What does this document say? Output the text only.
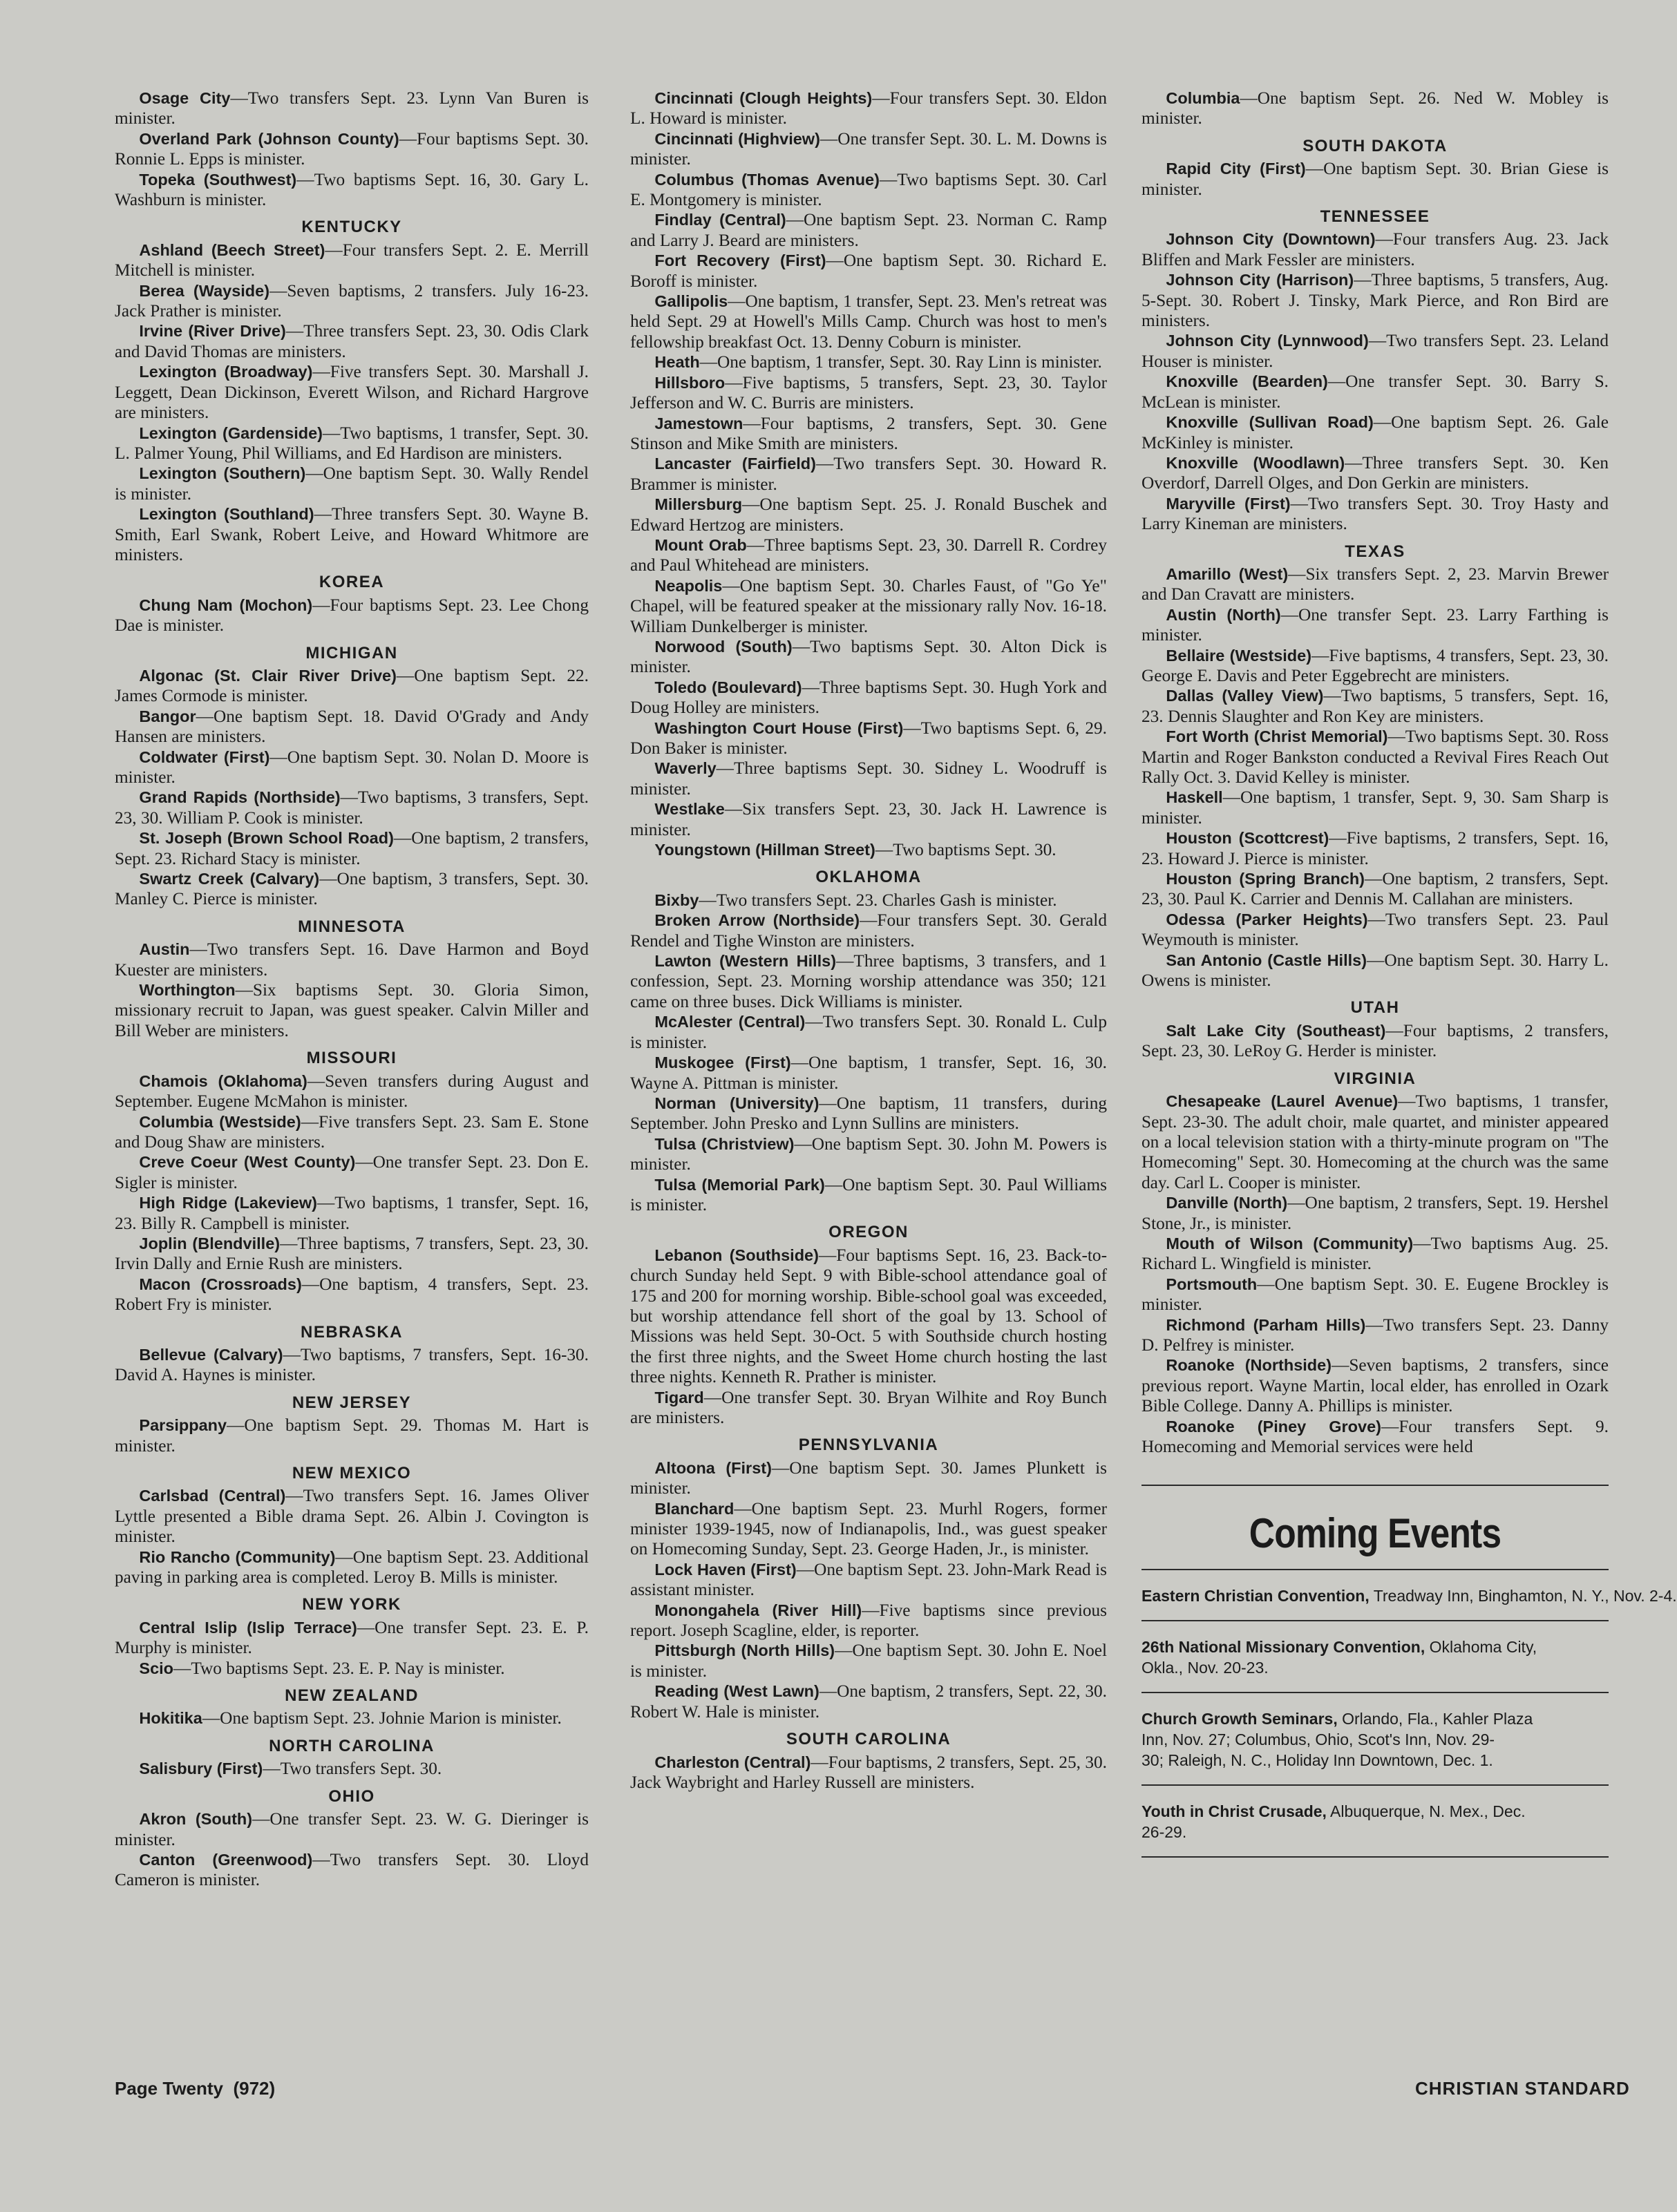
Osage City—Two transfers Sept. 23. Lynn Van Buren is minister.

Overland Park (Johnson County)—Four baptisms Sept. 30. Ronnie L. Epps is minister.

Topeka (Southwest)—Two baptisms Sept. 16, 30. Gary L. Washburn is minister.

KENTUCKY

Ashland (Beech Street)—Four transfers Sept. 2. E. Merrill Mitchell is minister.

Berea (Wayside)—Seven baptisms, 2 transfers. July 16-23. Jack Prather is minister.

Irvine (River Drive)—Three transfers Sept. 23, 30. Odis Clark and David Thomas are ministers.

Lexington (Broadway)—Five transfers Sept. 30. Marshall J. Leggett, Dean Dickinson, Everett Wilson, and Richard Hargrove are ministers.

Lexington (Gardenside)—Two baptisms, 1 transfer, Sept. 30. L. Palmer Young, Phil Williams, and Ed Hardison are ministers.

Lexington (Southern)—One baptism Sept. 30. Wally Rendel is minister.

Lexington (Southland)—Three transfers Sept. 30. Wayne B. Smith, Earl Swank, Robert Leive, and Howard Whitmore are ministers.

KOREA

Chung Nam (Mochon)—Four baptisms Sept. 23. Lee Chong Dae is minister.

MICHIGAN

Algonac (St. Clair River Drive)—One baptism Sept. 22. James Cormode is minister.

Bangor—One baptism Sept. 18. David O'Grady and Andy Hansen are ministers.

Coldwater (First)—One baptism Sept. 30. Nolan D. Moore is minister.

Grand Rapids (Northside)—Two baptisms, 3 transfers, Sept. 23, 30. William P. Cook is minister.

St. Joseph (Brown School Road)—One baptism, 2 transfers, Sept. 23. Richard Stacy is minister.

Swartz Creek (Calvary)—One baptism, 3 transfers, Sept. 30. Manley C. Pierce is minister.

MINNESOTA

Austin—Two transfers Sept. 16. Dave Harmon and Boyd Kuester are ministers.

Worthington—Six baptisms Sept. 30. Gloria Simon, missionary recruit to Japan, was guest speaker. Calvin Miller and Bill Weber are ministers.

MISSOURI

Chamois (Oklahoma)—Seven transfers during August and September. Eugene McMahon is minister.

Columbia (Westside)—Five transfers Sept. 23. Sam E. Stone and Doug Shaw are ministers.

Creve Coeur (West County)—One transfer Sept. 23. Don E. Sigler is minister.

High Ridge (Lakeview)—Two baptisms, 1 transfer, Sept. 16, 23. Billy R. Campbell is minister.

Joplin (Blendville)—Three baptisms, 7 transfers, Sept. 23, 30. Irvin Dally and Ernie Rush are ministers.

Macon (Crossroads)—One baptism, 4 transfers, Sept. 23. Robert Fry is minister.

NEBRASKA

Bellevue (Calvary)—Two baptisms, 7 transfers, Sept. 16-30. David A. Haynes is minister.

NEW JERSEY

Parsippany—One baptism Sept. 29. Thomas M. Hart is minister.

NEW MEXICO

Carlsbad (Central)—Two transfers Sept. 16. James Oliver Lyttle presented a Bible drama Sept. 26. Albin J. Covington is minister.

Rio Rancho (Community)—One baptism Sept. 23. Additional paving in parking area is completed. Leroy B. Mills is minister.

NEW YORK

Central Islip (Islip Terrace)—One transfer Sept. 23. E. P. Murphy is minister.

Scio—Two baptisms Sept. 23. E. P. Nay is minister.

NEW ZEALAND

Hokitika—One baptism Sept. 23. Johnie Marion is minister.

NORTH CAROLINA

Salisbury (First)—Two transfers Sept. 30.

OHIO

Akron (South)—One transfer Sept. 23. W. G. Dieringer is minister.

Canton (Greenwood)—Two transfers Sept. 30. Lloyd Cameron is minister.

Cincinnati (Clough Heights)—Four transfers Sept. 30. Eldon L. Howard is minister.

Cincinnati (Highview)—One transfer Sept. 30. L. M. Downs is minister.

Columbus (Thomas Avenue)—Two baptisms Sept. 30. Carl E. Montgomery is minister.

Findlay (Central)—One baptism Sept. 23. Norman C. Ramp and Larry J. Beard are ministers.

Fort Recovery (First)—One baptism Sept. 30. Richard E. Boroff is minister.

Gallipolis—One baptism, 1 transfer, Sept. 23. Men's retreat was held Sept. 29 at Howell's Mills Camp. Church was host to men's fellowship breakfast Oct. 13. Denny Coburn is minister.

Heath—One baptism, 1 transfer, Sept. 30. Ray Linn is minister.

Hillsboro—Five baptisms, 5 transfers, Sept. 23, 30. Taylor Jefferson and W. C. Burris are ministers.

Jamestown—Four baptisms, 2 transfers, Sept. 30. Gene Stinson and Mike Smith are ministers.

Lancaster (Fairfield)—Two transfers Sept. 30. Howard R. Brammer is minister.

Millersburg—One baptism Sept. 25. J. Ronald Buschek and Edward Hertzog are ministers.

Mount Orab—Three baptisms Sept. 23, 30. Darrell R. Cordrey and Paul Whitehead are ministers.

Neapolis—One baptism Sept. 30. Charles Faust, of "Go Ye" Chapel, will be featured speaker at the missionary rally Nov. 16-18. William Dunkelberger is minister.

Norwood (South)—Two baptisms Sept. 30. Alton Dick is minister.

Toledo (Boulevard)—Three baptisms Sept. 30. Hugh York and Doug Holley are ministers.

Washington Court House (First)—Two baptisms Sept. 6, 29. Don Baker is minister.

Waverly—Three baptisms Sept. 30. Sidney L. Woodruff is minister.

Westlake—Six transfers Sept. 23, 30. Jack H. Lawrence is minister.

Youngstown (Hillman Street)—Two baptisms Sept. 30.

OKLAHOMA

Bixby—Two transfers Sept. 23. Charles Gash is minister.

Broken Arrow (Northside)—Four transfers Sept. 30. Gerald Rendel and Tighe Winston are ministers.

Lawton (Western Hills)—Three baptisms, 3 transfers, and 1 confession, Sept. 23. Morning worship attendance was 350; 121 came on three buses. Dick Williams is minister.

McAlester (Central)—Two transfers Sept. 30. Ronald L. Culp is minister.

Muskogee (First)—One baptism, 1 transfer, Sept. 16, 30. Wayne A. Pittman is minister.

Norman (University)—One baptism, 11 transfers, during September. John Presko and Lynn Sullins are ministers.

Tulsa (Christview)—One baptism Sept. 30. John M. Powers is minister.

Tulsa (Memorial Park)—One baptism Sept. 30. Paul Williams is minister.

OREGON

Lebanon (Southside)—Four baptisms Sept. 16, 23. Back-to-church Sunday held Sept. 9 with Bible-school attendance goal of 175 and 200 for morning worship. Bible-school goal was exceeded, but worship attendance fell short of the goal by 13. School of Missions was held Sept. 30-Oct. 5 with Southside church hosting the first three nights, and the Sweet Home church hosting the last three nights. Kenneth R. Prather is minister.

Tigard—One transfer Sept. 30. Bryan Wilhite and Roy Bunch are ministers.

PENNSYLVANIA

Altoona (First)—One baptism Sept. 30. James Plunkett is minister.

Blanchard—One baptism Sept. 23. Murhl Rogers, former minister 1939-1945, now of Indianapolis, Ind., was guest speaker on Homecoming Sunday, Sept. 23. George Haden, Jr., is minister.

Lock Haven (First)—One baptism Sept. 23. John-Mark Read is assistant minister.

Monongahela (River Hill)—Five baptisms since previous report. Joseph Scagline, elder, is reporter.

Pittsburgh (North Hills)—One baptism Sept. 30. John E. Noel is minister.

Reading (West Lawn)—One baptism, 2 transfers, Sept. 22, 30. Robert W. Hale is minister.

SOUTH CAROLINA

Charleston (Central)—Four baptisms, 2 transfers, Sept. 25, 30. Jack Waybright and Harley Russell are ministers.

Columbia—One baptism Sept. 26. Ned W. Mobley is minister.

SOUTH DAKOTA

Rapid City (First)—One baptism Sept. 30. Brian Giese is minister.

TENNESSEE

Johnson City (Downtown)—Four transfers Aug. 23. Jack Bliffen and Mark Fessler are ministers.

Johnson City (Harrison)—Three baptisms, 5 transfers, Aug. 5-Sept. 30. Robert J. Tinsky, Mark Pierce, and Ron Bird are ministers.

Johnson City (Lynnwood)—Two transfers Sept. 23. Leland Houser is minister.

Knoxville (Bearden)—One transfer Sept. 30. Barry S. McLean is minister.

Knoxville (Sullivan Road)—One baptism Sept. 26. Gale McKinley is minister.

Knoxville (Woodlawn)—Three transfers Sept. 30. Ken Overdorf, Darrell Olges, and Don Gerkin are ministers.

Maryville (First)—Two transfers Sept. 30. Troy Hasty and Larry Kineman are ministers.

TEXAS

Amarillo (West)—Six transfers Sept. 2, 23. Marvin Brewer and Dan Cravatt are ministers.

Austin (North)—One transfer Sept. 23. Larry Farthing is minister.

Bellaire (Westside)—Five baptisms, 4 transfers, Sept. 23, 30. George E. Davis and Peter Eggebrecht are ministers.

Dallas (Valley View)—Two baptisms, 5 transfers, Sept. 16, 23. Dennis Slaughter and Ron Key are ministers.

Fort Worth (Christ Memorial)—Two baptisms Sept. 30. Ross Martin and Roger Bankston conducted a Revival Fires Reach Out Rally Oct. 3. David Kelley is minister.

Haskell—One baptism, 1 transfer, Sept. 9, 30. Sam Sharp is minister.

Houston (Scottcrest)—Five baptisms, 2 transfers, Sept. 16, 23. Howard J. Pierce is minister.

Houston (Spring Branch)—One baptism, 2 transfers, Sept. 23, 30. Paul K. Carrier and Dennis M. Callahan are ministers.

Odessa (Parker Heights)—Two transfers Sept. 23. Paul Weymouth is minister.

San Antonio (Castle Hills)—One baptism Sept. 30. Harry L. Owens is minister.

UTAH

Salt Lake City (Southeast)—Four baptisms, 2 transfers, Sept. 23, 30. LeRoy G. Herder is minister.

VIRGINIA

Chesapeake (Laurel Avenue)—Two baptisms, 1 transfer, Sept. 23-30. The adult choir, male quartet, and minister appeared on a local television station with a thirty-minute program on "The Homecoming" Sept. 30. Homecoming at the church was the same day. Carl L. Cooper is minister.

Danville (North)—One baptism, 2 transfers, Sept. 19. Hershel Stone, Jr., is minister.

Mouth of Wilson (Community)—Two baptisms Aug. 25. Richard L. Wingfield is minister.

Portsmouth—One baptism Sept. 30. E. Eugene Brockley is minister.

Richmond (Parham Hills)—Two transfers Sept. 23. Danny D. Pelfrey is minister.

Roanoke (Northside)—Seven baptisms, 2 transfers, since previous report. Wayne Martin, local elder, has enrolled in Ozark Bible College. Danny A. Phillips is minister.

Roanoke (Piney Grove)—Four transfers Sept. 9. Homecoming and Memorial services were held

Coming Events
Eastern Christian Convention, Treadway Inn, Binghamton, N. Y., Nov. 2-4.
26th National Missionary Convention, Oklahoma City,
Okla., Nov. 20-23.
Church Growth Seminars, Orlando, Fla., Kahler Plaza
Inn, Nov. 27; Columbus, Ohio, Scot's Inn, Nov. 29-
30; Raleigh, N. C., Holiday Inn Downtown, Dec. 1.
Youth in Christ Crusade, Albuquerque, N. Mex., Dec.
26-29.
Page Twenty  (972)	CHRISTIAN STANDARD
